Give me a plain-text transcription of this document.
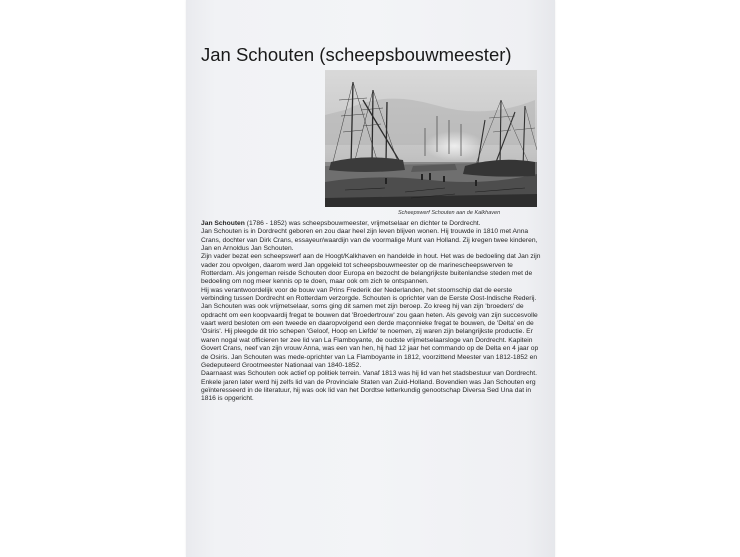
Jan Schouten (scheepsbouwmeester)
Scheepswerf Schouten aan de Kalkhaven

Jan Schouten (1786 - 1852) was scheepsbouwmeester, vrijmetselaar en dichter te Dordrecht.

Jan Schouten is in Dordrecht geboren en zou daar heel zijn leven blijven wonen. Hij trouwde in 1810 met Anna Crans, dochter van Dirk Crans, essayeur/waardijn van de voormalige Munt van Holland. Zij kregen twee kinderen, Jan en Arnoldus Jan Schouten.

Zijn vader bezat een scheepswerf aan de Hoogt/Kalkhaven en handelde in hout. Het was de bedoeling dat Jan zijn vader zou opvolgen, daarom werd Jan opgeleid tot scheepsbouwmeester op de marinescheepswerven te Rotterdam. Als jongeman reisde Schouten door Europa en bezocht de belangrijkste buitenlandse steden met de bedoeling om nog meer kennis op te doen, maar ook om zich te ontspannen.

Hij was verantwoordelijk voor de bouw van Prins Frederik der Nederlanden, het stoomschip dat de eerste verbinding tussen Dordrecht en Rotterdam verzorgde. Schouten is oprichter van de Eerste Oost-Indische Rederij.

Jan Schouten was ook vrijmetselaar, soms ging dit samen met zijn beroep. Zo kreeg hij van zijn 'broeders' de opdracht om een koopvaardij fregat te bouwen dat 'Broedertrouw' zou gaan heten. Als gevolg van zijn succesvolle vaart werd besloten om een tweede en daaropvolgend een derde maçonnieke fregat te bouwen, de 'Delta' en de 'Osiris'. Hij pleegde dit trio schepen 'Geloof, Hoop en Liefde' te noemen, zij waren zijn belangrijkste productie. Er waren nogal wat officieren ter zee lid van La Flamboyante, de oudste vrijmetselaarsloge van Dordrecht. Kapitein Govert Crans, neef van zijn vrouw Anna, was een van hen, hij had 12 jaar het commando op de Delta en 4 jaar op de Osiris. Jan Schouten was mede-oprichter van La Flamboyante in 1812, voorzittend Meester van 1812-1852 en Gedeputeerd Grootmeester Nationaal van 1840-1852.

Daarnaast was Schouten ook actief op politiek terrein. Vanaf 1813 was hij lid van het stadsbestuur van Dordrecht. Enkele jaren later werd hij zelfs lid van de Provinciale Staten van Zuid-Holland. Bovendien was Jan Schouten erg geïnteresseerd in de literatuur, hij was ook lid van het Dordtse letterkundig genootschap Diversa Sed Una dat in 1816 is opgericht.
